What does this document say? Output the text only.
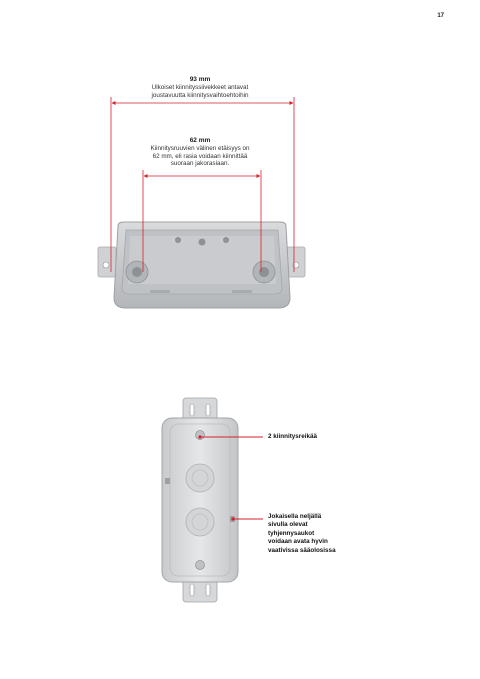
17
93 mm
Ulkoiset kiinnityssiivekkeet antavat
joustavuutta kiinnitysvaihtoehtoihin
62 mm
Kiinnitysruuvien välinen etäisyys on
62 mm, eli rasia voidaan kiinnittää
suoraan jakorasiaan.
2 kiinnitysreikää
Jokaisella neljällä
sivulla olevat
tyhjennysaukot
voidaan avata hyvin
vaativissa sääolosissa
